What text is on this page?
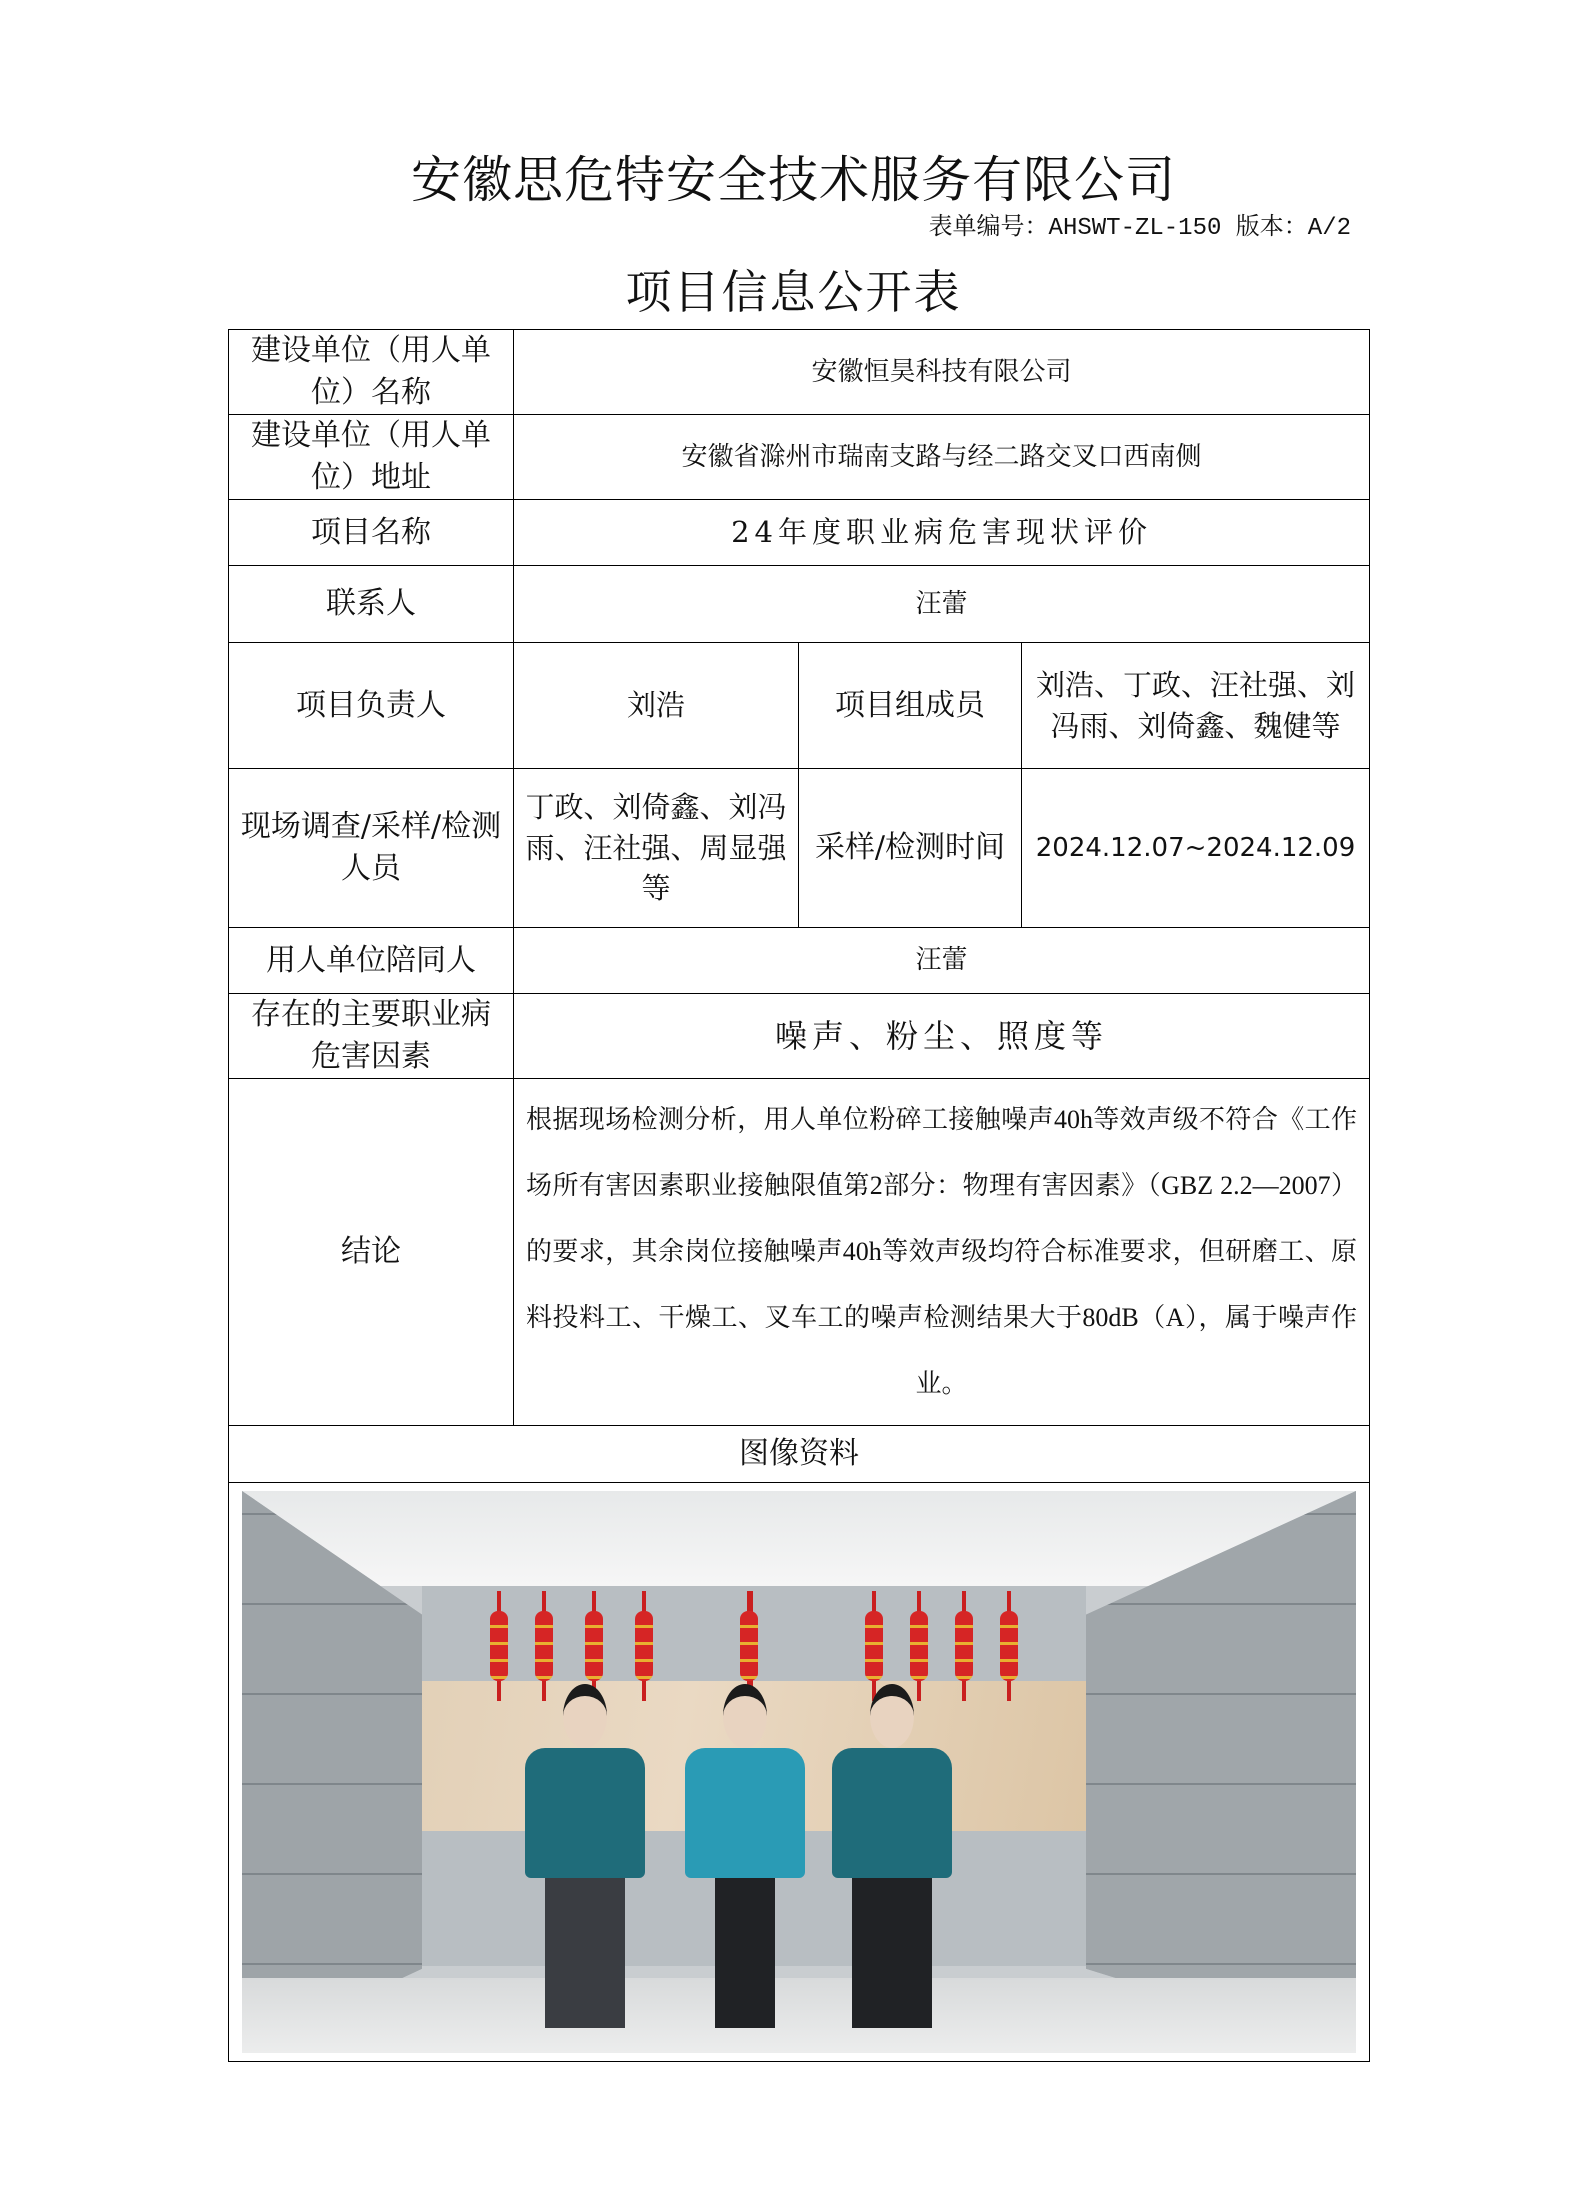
安徽思危特安全技术服务有限公司
表单编号：AHSWT-ZL-150 版本：A/2
项目信息公开表
建设单位（用人单位）名称	安徽恒昊科技有限公司		
建设单位（用人单位）地址	安徽省滁州市瑞南支路与经二路交叉口西南侧		
项目名称	24年度职业病危害现状评价		
联系人	汪蕾		
项目负责人	刘浩	项目组成员	刘浩、丁政、汪社强、刘冯雨、刘倚鑫、魏健等
现场调查/采样/检测人员	丁政、刘倚鑫、刘冯雨、汪社强、周显强等	采样/检测时间	2024.12.07~2024.12.09
用人单位陪同人	汪蕾		
存在的主要职业病危害因素	噪声、粉尘、照度等		
结论	根据现场检测分析，用人单位粉碎工接触噪声40h等效声级不符合《工作场所有害因素职业接触限值第2部分：物理有害因素》（GBZ 2.2—2007）的要求，其余岗位接触噪声40h等效声级均符合标准要求，但研磨工、原料投料工、干燥工、叉车工的噪声检测结果大于80dB（A），属于噪声作业。		
图像资料			
